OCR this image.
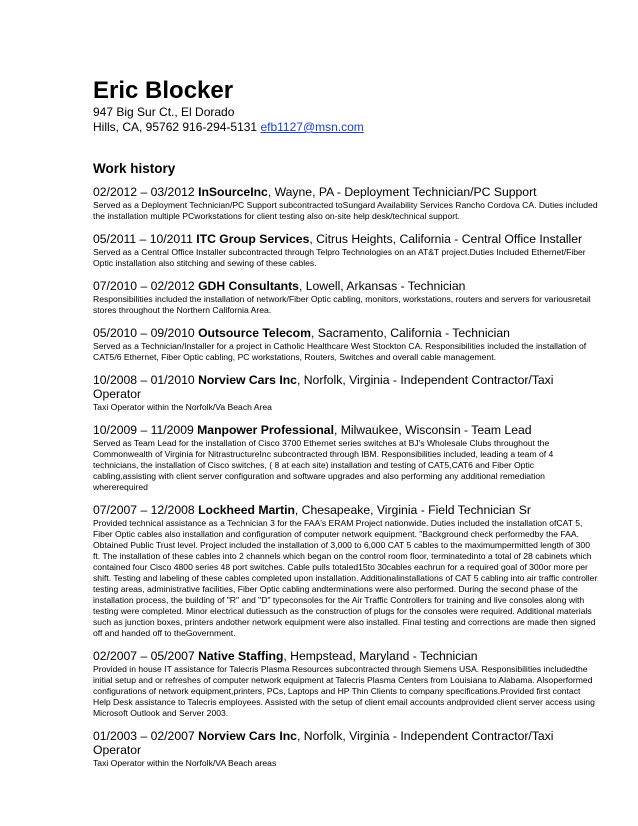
Eric Blocker
947 Big Sur Ct., El Dorado
Hills, CA, 95762 916-294-5131 efb1127@msn.com
Work history
02/2012 – 03/2012 InSourceInc, Wayne, PA - Deployment Technician/PC Support
Served as a Deployment Technician/PC Support subcontracted toSungard Availability Services Rancho Cordova CA. Duties included the installation multiple PCworkstations for client testing also on-site help desk/technical support.
05/2011 – 10/2011 ITC Group Services, Citrus Heights, California - Central Office Installer
Served as a Central Office Installer subcontracted through Telpro Technologies on an AT&T project.Duties Included Ethernet/Fiber Optic installation also stitching and sewing of these cables.
07/2010 – 02/2012 GDH Consultants, Lowell, Arkansas - Technician
Responsibilities included the installation of network/Fiber Optic cabling, monitors, workstations, routers and servers for variousretail stores throughout the Northern California Area.
05/2010 – 09/2010 Outsource Telecom, Sacramento, California - Technician
Served as a Technician/Installer for a project in Catholic Healthcare West Stockton CA. Responsibilities included the installation of CAT5/6 Ethernet, Fiber Optic cabling, PC workstations, Routers, Switches and overall cable management.
10/2008 – 01/2010 Norview Cars Inc, Norfolk, Virginia - Independent Contractor/Taxi Operator
Taxi Operator within the Norfolk/Va Beach Area
10/2009 – 11/2009 Manpower Professional, Milwaukee, Wisconsin - Team Lead
Served as Team Lead for the installation of Cisco 3700 Ethernet series switches at BJ's Wholesale Clubs throughout the Commonwealth of Virginia for NitrastructureInc subcontracted through IBM. Responsibilities included, leading a team of 4 technicians, the installation of Cisco switches, ( 8 at each site) installation and testing of CAT5,CAT6 and Fiber Optic cabling,assisting with client server configuration and software upgrades and also performing any additional remediation whererequired
07/2007 – 12/2008 Lockheed Martin, Chesapeake, Virginia - Field Technician Sr
Provided technical assistance as a Technician 3 for the FAA's ERAM Project nationwide. Duties included the installation ofCAT 5, Fiber Optic cables also installation and configuration of computer network equipment. "Background check performedby the FAA. Obtained Public Trust level. Project included the installation of 3,000 to 6,000 CAT 5 cables to the maximumpermitted length of 300 ft. The installation of these cables into 2 channels which began on the control room floor, terminatedinto a total of 28 cabinets which contained four Cisco 4800 series 48 port switches. Cable pulls totaled15to 30cables eachrun for a required goal of 300or more per shift. Testing and labeling of these cables completed upon installation. Additionalinstallations of CAT 5 cabling into air traffic controller testing areas, administrative facilities, Fiber Optic cabling andterminations were also performed. During the second phase of the installation process, the building of "R" and "D" typeconsoles for the Air Traffic Controllers for training and live consoles along with testing were completed. Minor electrical dutiessuch as the construction of plugs for the consoles were required. Additional materials such as junction boxes, printers andother network equipment were also installed. Final testing and corrections are made then signed off and handed off to theGovernment.
02/2007 – 05/2007 Native Staffing, Hempstead, Maryland - Technician
Provided in house IT assistance for Talecris Plasma Resources subcontracted through Siemens USA. Responsibilities includedthe initial setup and or refreshes of computer network equipment at Talecris Plasma Centers from Louisiana to Alabama. Alsoperformed configurations of network equipment,printers, PCs, Laptops and HP Thin Clients to company specifications.Provided first contact Help Desk assistance to Talecris employees. Assisted with the setup of client email accounts andprovided client server access using Microsoft Outlook and Server 2003.
01/2003 – 02/2007 Norview Cars Inc, Norfolk, Virginia - Independent Contractor/Taxi Operator
Taxi Operator within the Norfolk/VA Beach areas
